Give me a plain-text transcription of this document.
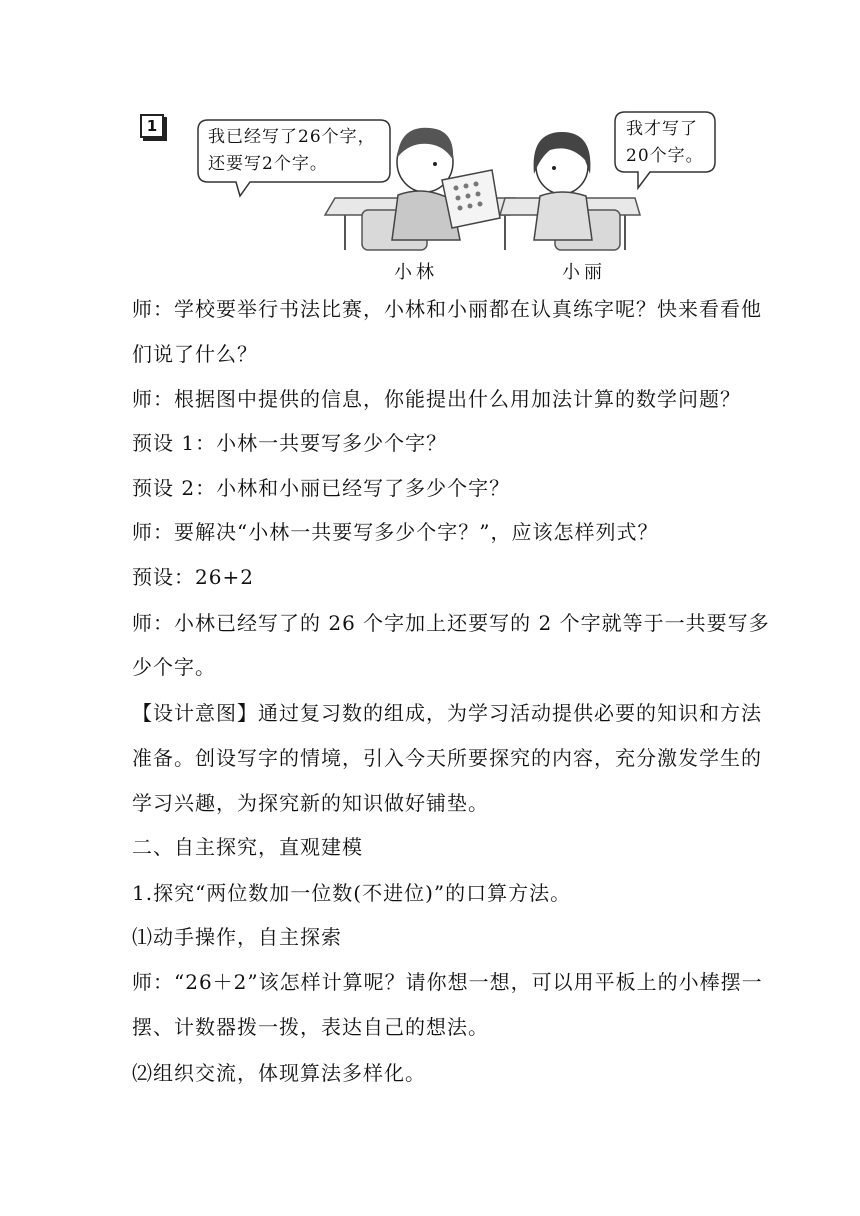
1
我已经写了26个字，
还要写2个字。
我才写了
20个字。
小林	小丽
师：学校要举行书法比赛，小林和小丽都在认真练字呢？快来看看他
们说了什么？
师：根据图中提供的信息，你能提出什么用加法计算的数学问题？
预设 1：小林一共要写多少个字？
预设 2：小林和小丽已经写了多少个字？
师：要解决“小林一共要写多少个字？”，应该怎样列式？
预设：26+2
师：小林已经写了的 26 个字加上还要写的 2 个字就等于一共要写多
少个字。
【设计意图】通过复习数的组成，为学习活动提供必要的知识和方法
准备。创设写字的情境，引入今天所要探究的内容，充分激发学生的
学习兴趣，为探究新的知识做好铺垫。
二、自主探究，直观建模
1.探究“两位数加一位数(不进位)”的口算方法。
⑴动手操作，自主探索
师：“26＋2”该怎样计算呢？请你想一想，可以用平板上的小棒摆一
摆、计数器拨一拨，表达自己的想法。
⑵组织交流，体现算法多样化。
